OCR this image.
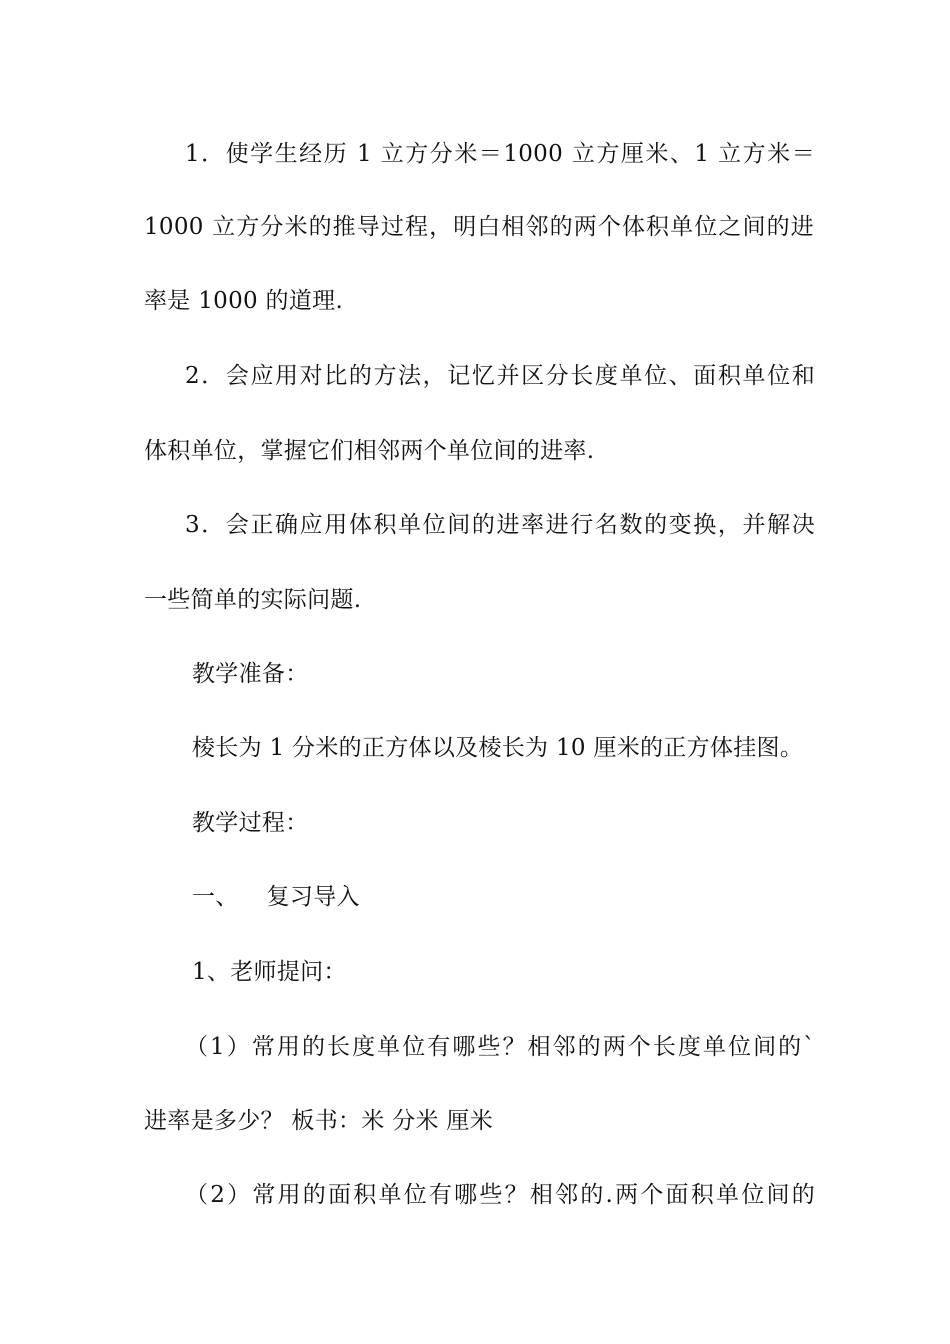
1．使学生经历 1 立方分米＝1000 立方厘米、1 立方米＝
1000 立方分米的推导过程，明白相邻的两个体积单位之间的进
率是 1000 的道理.
2．会应用对比的方法，记忆并区分长度单位、面积单位和
体积单位，掌握它们相邻两个单位间的进率.
3．会正确应用体积单位间的进率进行名数的变换，并解决
一些简单的实际问题.
教学准备：
棱长为 1 分米的正方体以及棱长为 10 厘米的正方体挂图。
教学过程：
一、 复习导入
1、老师提问：
（1）常用的长度单位有哪些？相邻的两个长度单位间的`
进率是多少？ 板书：米 分米 厘米
（2）常用的面积单位有哪些？相邻的.两个面积单位间的
